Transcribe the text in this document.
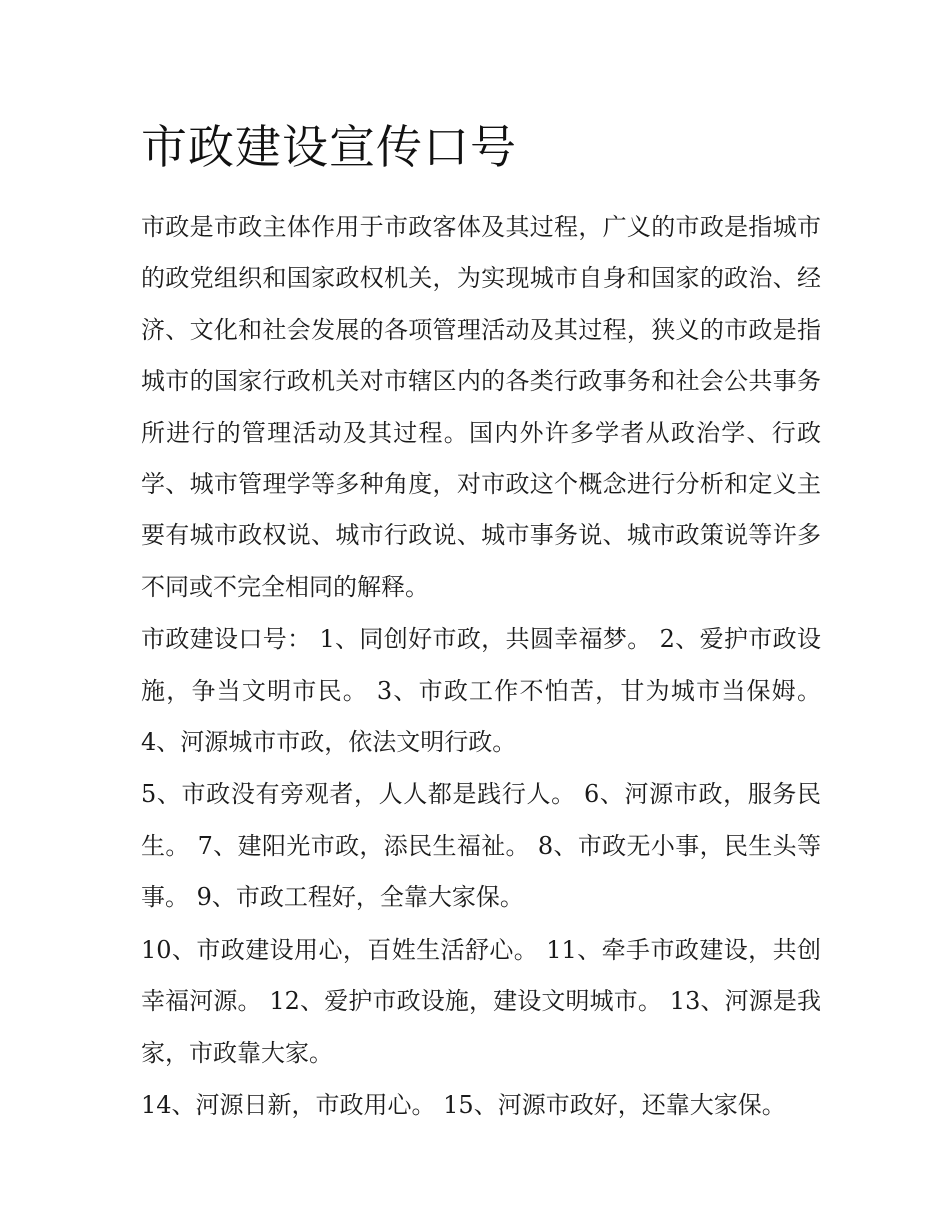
市政建设宣传口号

市政是市政主体作用于市政客体及其过程，广义的市政是指城市的政党组织和国家政权机关，为实现城市自身和国家的政治、经济、文化和社会发展的各项管理活动及其过程，狭义的市政是指城市的国家行政机关对市辖区内的各类行政事务和社会公共事务所进行的管理活动及其过程。国内外许多学者从政治学、行政学、城市管理学等多种角度，对市政这个概念进行分析和定义主要有城市政权说、城市行政说、城市事务说、城市政策说等许多不同或不完全相同的解释。

市政建设口号： 1、同创好市政，共圆幸福梦。 2、爱护市政设施，争当文明市民。 3、市政工作不怕苦，甘为城市当保姆。 4、河源城市市政，依法文明行政。

5、市政没有旁观者，人人都是践行人。 6、河源市政，服务民生。 7、建阳光市政，添民生福祉。 8、市政无小事，民生头等事。 9、市政工程好，全靠大家保。

10、市政建设用心，百姓生活舒心。 11、牵手市政建设，共创幸福河源。 12、爱护市政设施，建设文明城市。 13、河源是我家，市政靠大家。

14、河源日新，市政用心。 15、河源市政好，还靠大家保。
